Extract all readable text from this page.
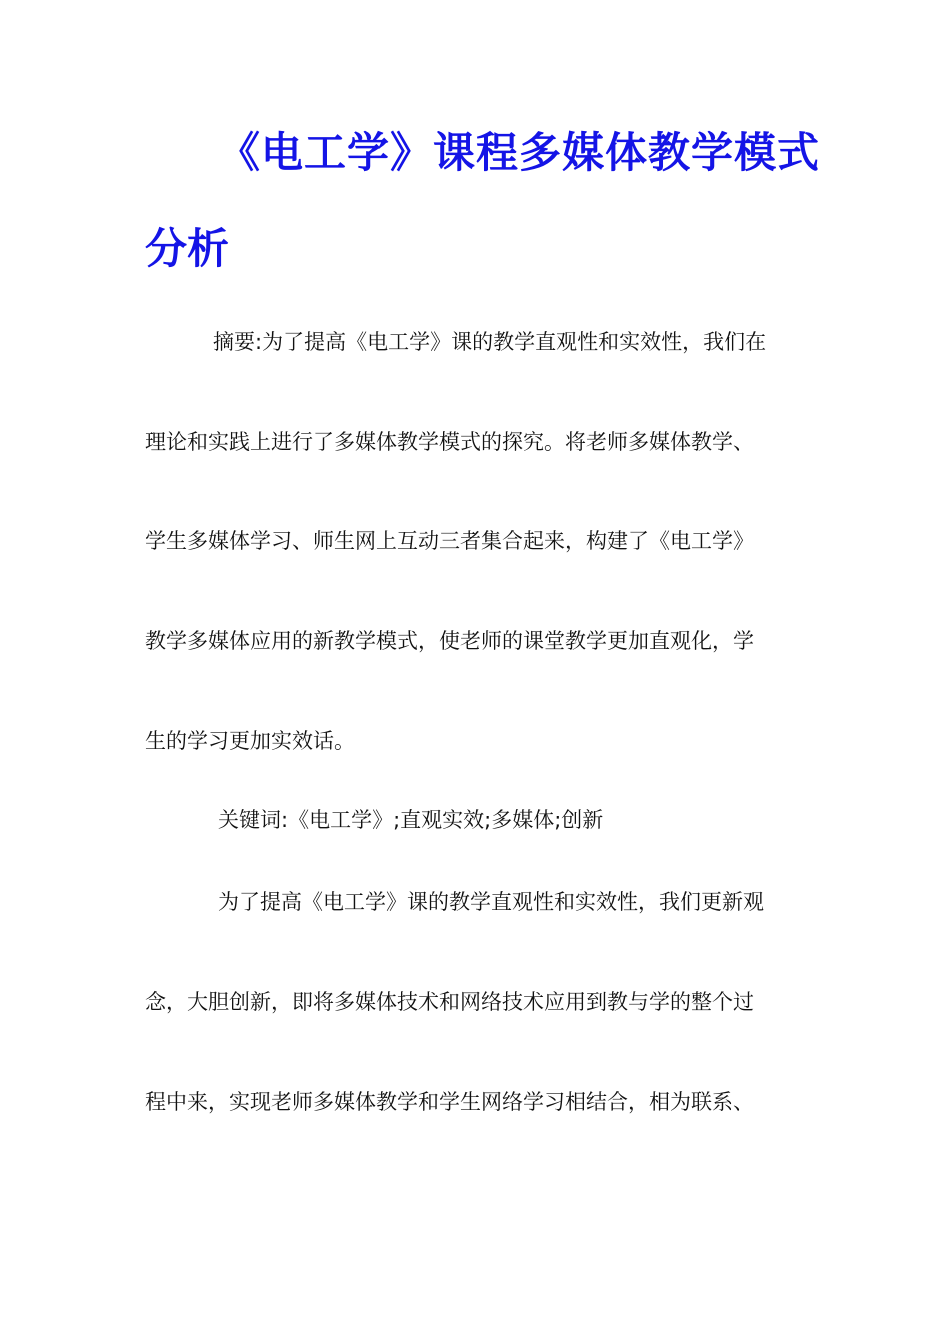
《电工学》课程多媒体教学模式
分析
摘要:为了提高《电工学》课的教学直观性和实效性，我们在
理论和实践上进行了多媒体教学模式的探究。将老师多媒体教学、
学生多媒体学习、师生网上互动三者集合起来，构建了《电工学》
教学多媒体应用的新教学模式，使老师的课堂教学更加直观化，学
生的学习更加实效话。
关键词:《电工学》;直观实效;多媒体;创新
为了提高《电工学》课的教学直观性和实效性，我们更新观
念，大胆创新，即将多媒体技术和网络技术应用到教与学的整个过
程中来，实现老师多媒体教学和学生网络学习相结合，相为联系、
